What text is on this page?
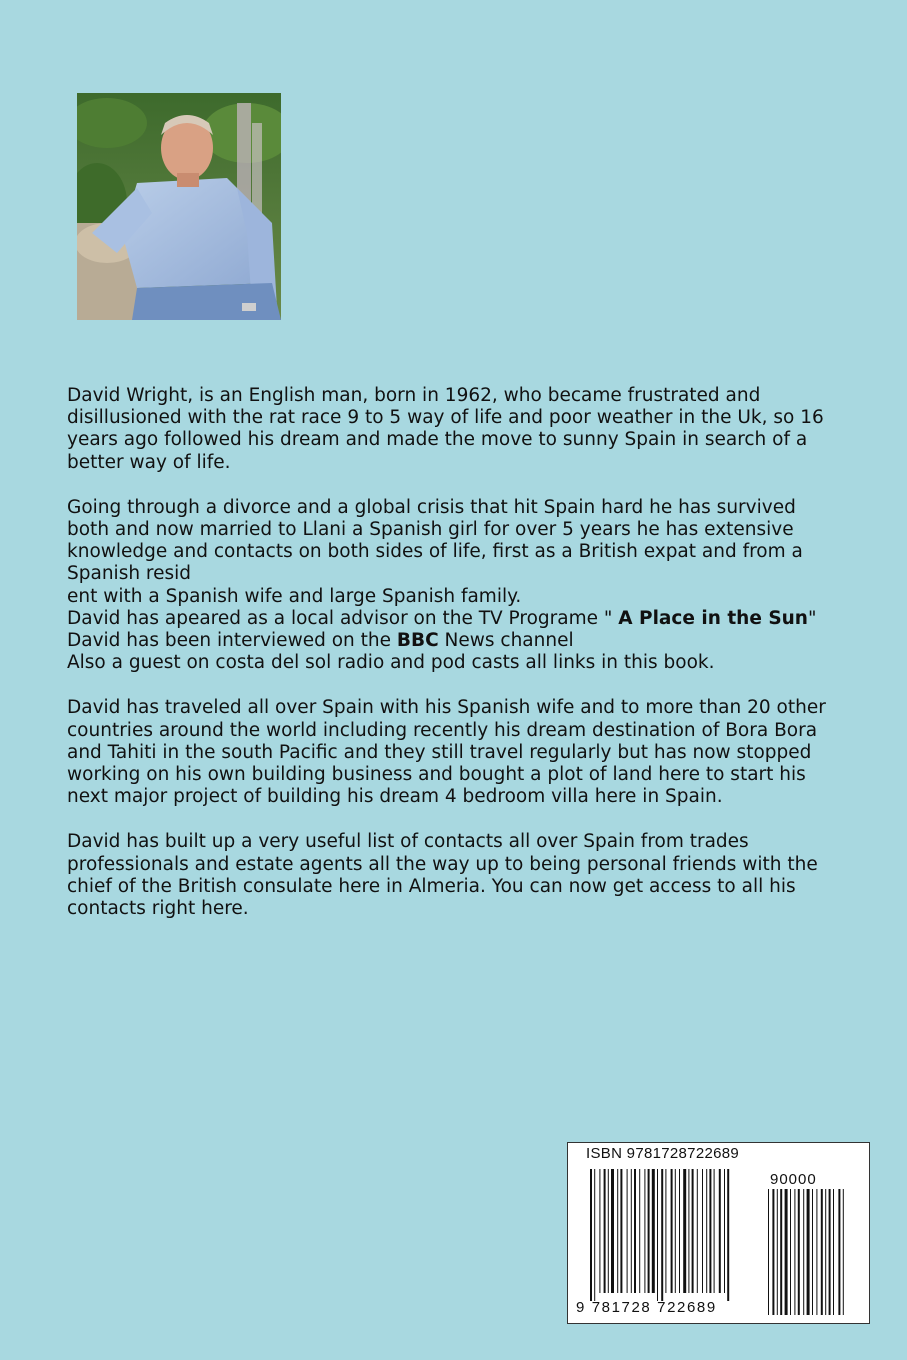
David Wright, is an English man, born in 1962, who became frustrated and
disillusioned with the rat race 9 to 5 way of life and poor weather in the Uk, so 16
years ago followed his dream and made the move to sunny Spain in search of a
better way of life.

Going through a divorce and a global crisis that hit Spain hard he has survived
both and now married to Llani a Spanish girl for over 5 years he has extensive
knowledge and contacts on both sides of life, first as a British expat and from a
Spanish resid
ent with a Spanish wife and large Spanish family.
David has apeared as a local advisor on the TV Programe " A Place in the Sun"
David has been interviewed on the BBC News channel
Also a guest on costa del sol radio and pod casts all links in this book.

David has traveled all over Spain with his Spanish wife and to more than 20 other
countries around the world including recently his dream destination of Bora Bora
and Tahiti in the south Pacific and they still travel regularly but has now stopped
working on his own building business and bought a plot of land here to start his
next major project of building his dream 4 bedroom villa here in Spain.

David has built up a very useful list of contacts all over Spain from trades
professionals and estate agents all the way up to being personal friends with the
chief of the British consulate here in Almeria. You can now get access to all his
contacts right here.

ISBN 9781728722689
90000
9 781728 722689
